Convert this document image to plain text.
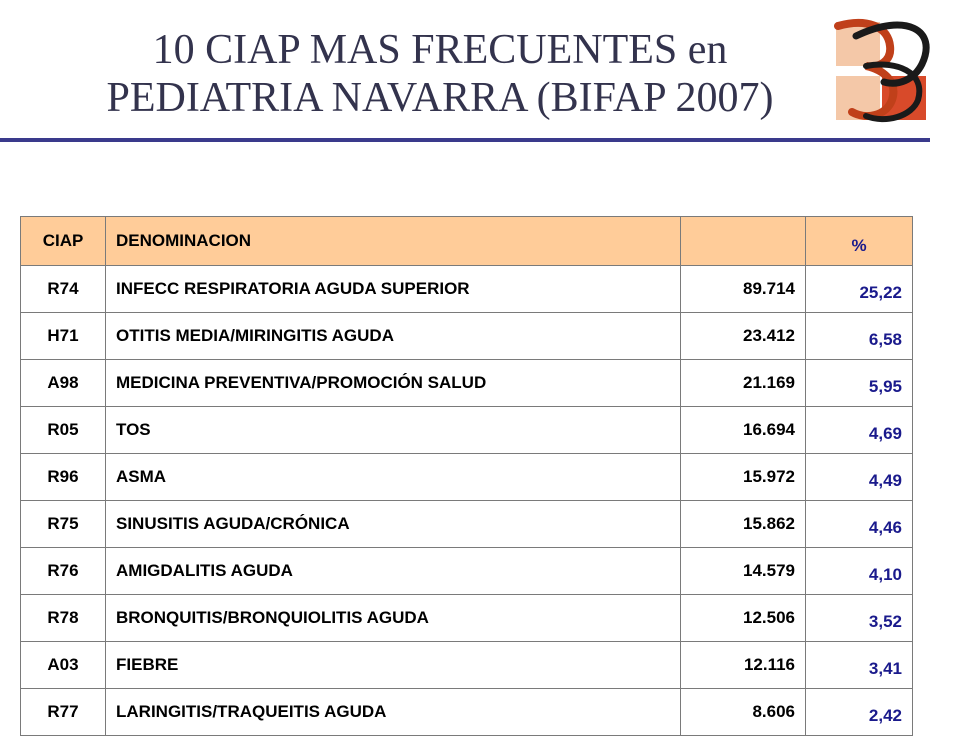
10 CIAP MAS FRECUENTES en
PEDIATRIA NAVARRA (BIFAP 2007)
CIAP	DENOMINACION		%
R74	INFECC RESPIRATORIA AGUDA SUPERIOR	89.714	25,22
H71	OTITIS MEDIA/MIRINGITIS AGUDA	23.412	6,58
A98	MEDICINA PREVENTIVA/PROMOCIÓN SALUD	21.169	5,95
R05	TOS	16.694	4,69
R96	ASMA	15.972	4,49
R75	SINUSITIS AGUDA/CRÓNICA	15.862	4,46
R76	AMIGDALITIS AGUDA	14.579	4,10
R78	BRONQUITIS/BRONQUIOLITIS AGUDA	12.506	3,52
A03	FIEBRE	12.116	3,41
R77	LARINGITIS/TRAQUEITIS AGUDA	8.606	2,42
